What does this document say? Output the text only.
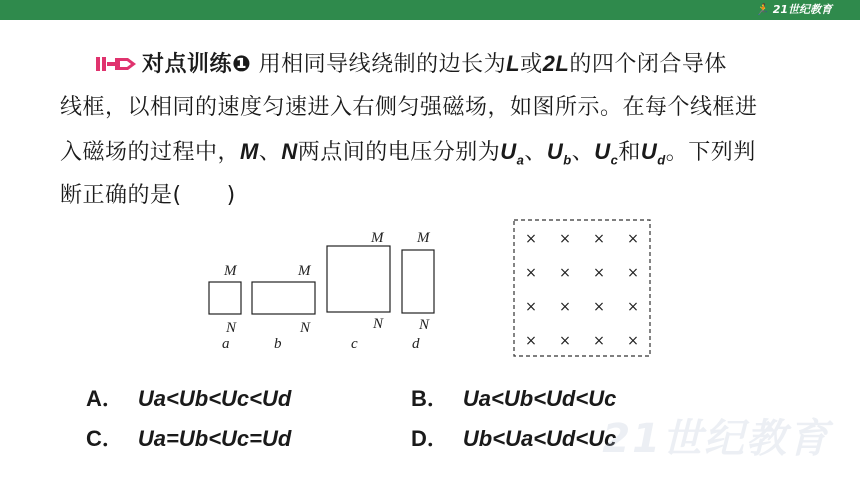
🏃 21世纪教育
对点训练❶ 用相同导线绕制的边长为L或2L的四个闭合导体
线框，以相同的速度匀速进入右侧匀强磁场，如图所示。在每个线框进
入磁场的过程中，M、N两点间的电压分别为$U_a$、$U_b$、$U_c$和$U_d$。下列判
断正确的是(　　)
M
N
a
M
N
b
M
N
c
M
N
d
× × × ×
× × × ×
× × × ×
× × × ×
A． Ua<Ub<Uc<Ud	B． Ua<Ub<Ud<Uc
C． Ua=Ub<Uc=Ud	D． Ub<Ua<Ud<Uc
21世纪教育
